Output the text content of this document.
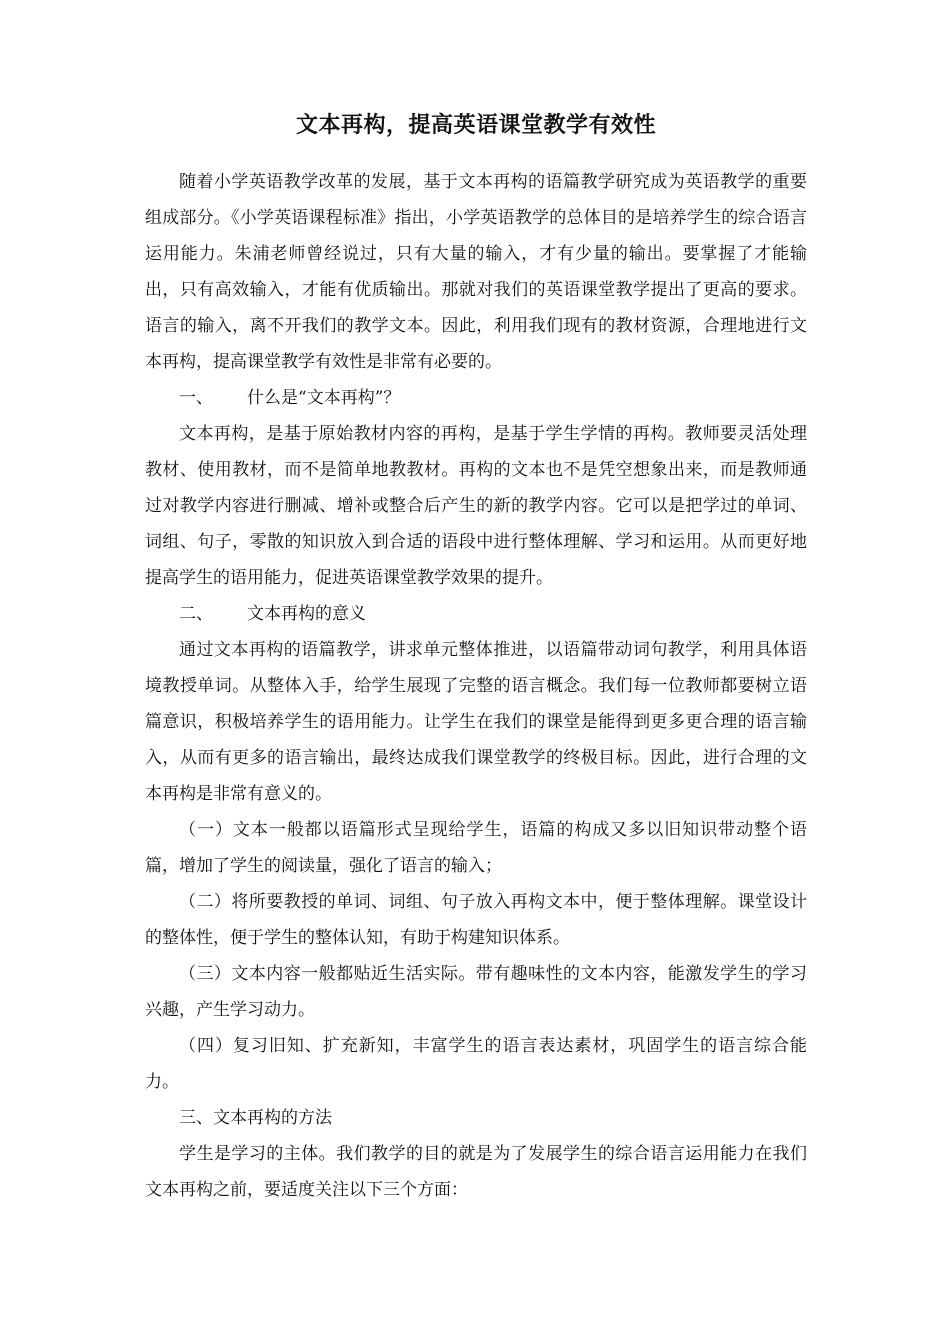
文本再构，提高英语课堂教学有效性

随着小学英语教学改革的发展，基于文本再构的语篇教学研究成为英语教学的重要组成部分。《小学英语课程标准》指出，小学英语教学的总体目的是培养学生的综合语言运用能力。朱浦老师曾经说过，只有大量的输入，才有少量的输出。要掌握了才能输出，只有高效输入，才能有优质输出。那就对我们的英语课堂教学提出了更高的要求。语言的输入，离不开我们的教学文本。因此，利用我们现有的教材资源，合理地进行文本再构，提高课堂教学有效性是非常有必要的。

一、 什么是“文本再构”？

文本再构，是基于原始教材内容的再构，是基于学生学情的再构。教师要灵活处理教材、使用教材，而不是简单地教教材。再构的文本也不是凭空想象出来，而是教师通过对教学内容进行删减、增补或整合后产生的新的教学内容。它可以是把学过的单词、词组、句子，零散的知识放入到合适的语段中进行整体理解、学习和运用。从而更好地提高学生的语用能力，促进英语课堂教学效果的提升。

二、 文本再构的意义

通过文本再构的语篇教学，讲求单元整体推进，以语篇带动词句教学，利用具体语境教授单词。从整体入手，给学生展现了完整的语言概念。我们每一位教师都要树立语篇意识，积极培养学生的语用能力。让学生在我们的课堂是能得到更多更合理的语言输入，从而有更多的语言输出，最终达成我们课堂教学的终极目标。因此，进行合理的文本再构是非常有意义的。

（一）文本一般都以语篇形式呈现给学生，语篇的构成又多以旧知识带动整个语篇，增加了学生的阅读量，强化了语言的输入；

（二）将所要教授的单词、词组、句子放入再构文本中，便于整体理解。课堂设计的整体性，便于学生的整体认知，有助于构建知识体系。

（三）文本内容一般都贴近生活实际。带有趣味性的文本内容，能激发学生的学习兴趣，产生学习动力。

（四）复习旧知、扩充新知，丰富学生的语言表达素材，巩固学生的语言综合能力。

三、文本再构的方法

学生是学习的主体。我们教学的目的就是为了发展学生的综合语言运用能力在我们文本再构之前，要适度关注以下三个方面：
